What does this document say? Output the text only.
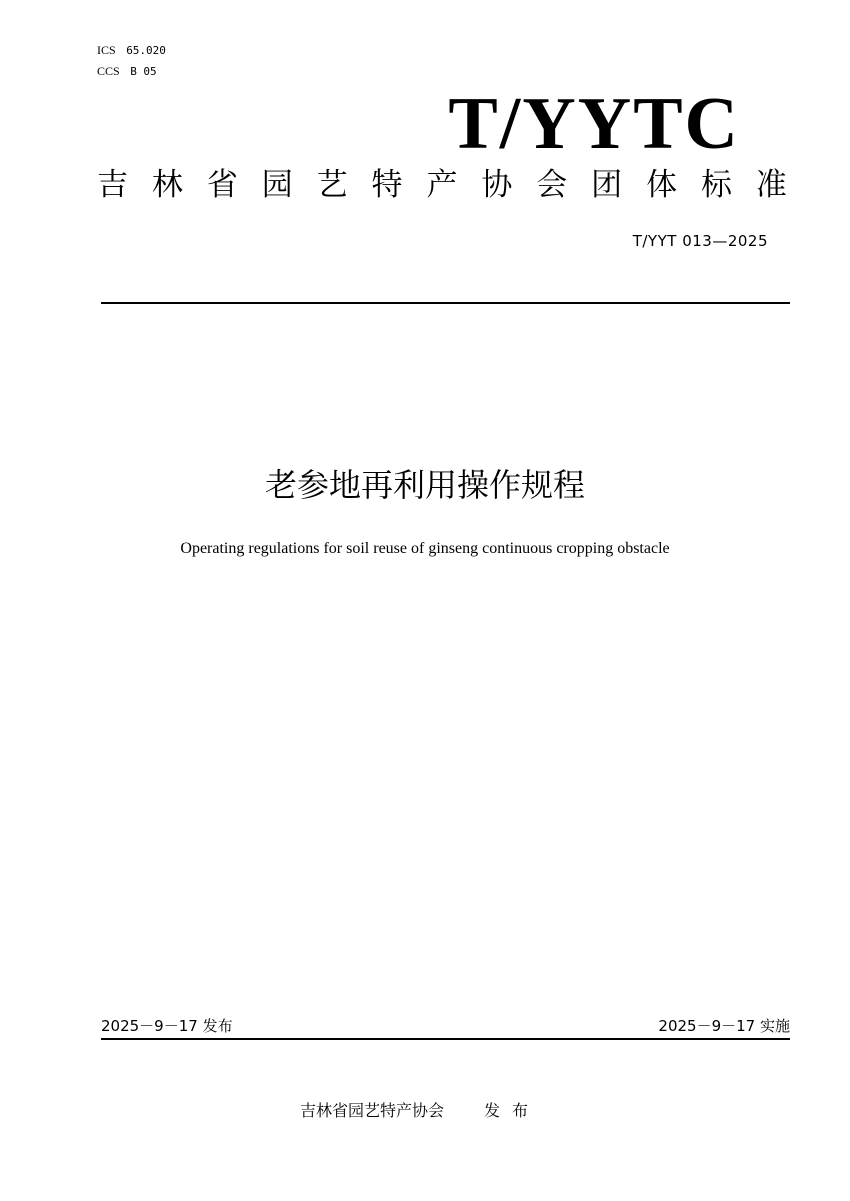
ICS 65.020
CCS B 05
T/YYTC
吉 林 省 园 艺 特 产 协 会 团 体 标 准
T/YYT 013—2025
老参地再利用操作规程
Operating regulations for soil reuse of ginseng continuous cropping obstacle
2025－9－17 发布	2025－9－17 实施
吉林省园艺特产协会	发布
